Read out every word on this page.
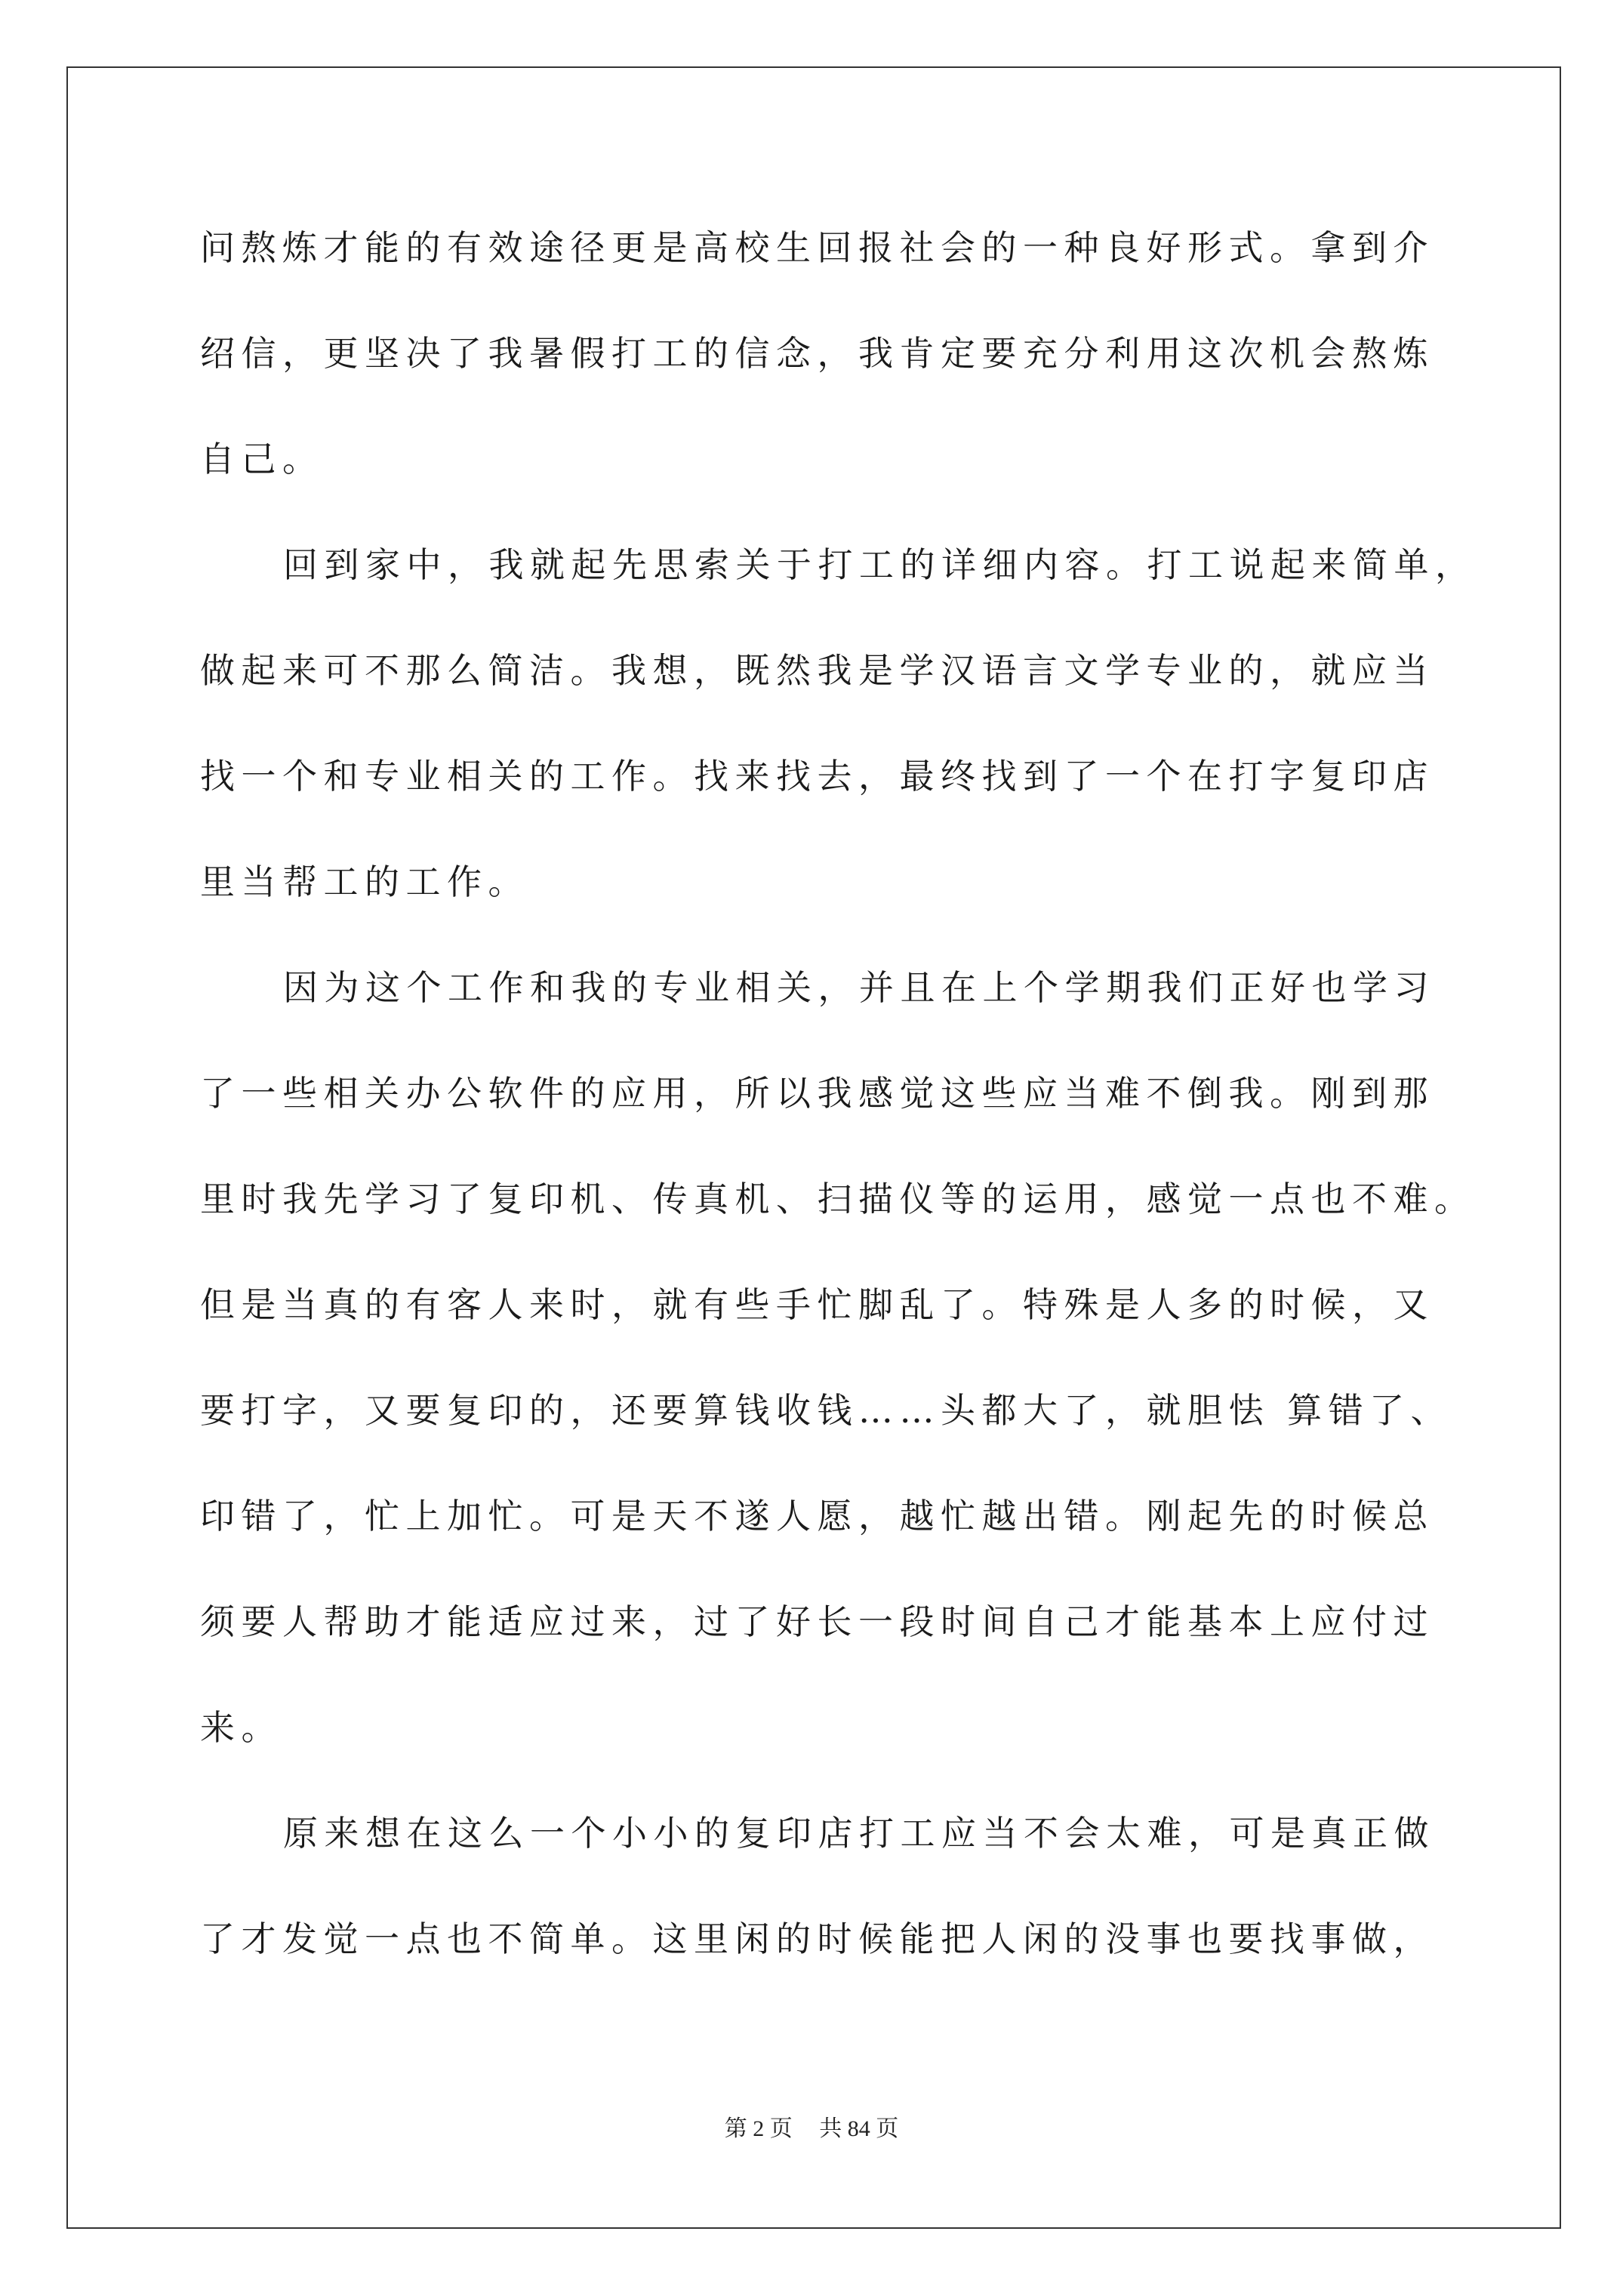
问熬炼才能的有效途径更是高校生回报社会的一种良好形式。拿到介
绍信，更坚决了我暑假打工的信念，我肯定要充分利用这次机会熬炼
自己。
回到家中，我就起先思索关于打工的详细内容。打工说起来简单，
做起来可不那么简洁。我想，既然我是学汉语言文学专业的，就应当
找一个和专业相关的工作。找来找去，最终找到了一个在打字复印店
里当帮工的工作。
因为这个工作和我的专业相关，并且在上个学期我们正好也学习
了一些相关办公软件的应用，所以我感觉这些应当难不倒我。刚到那
里时我先学习了复印机、传真机、扫描仪等的运用，感觉一点也不难。
但是当真的有客人来时，就有些手忙脚乱了。特殊是人多的时候，又
要打字，又要复印的，还要算钱收钱……头都大了，就胆怯 算错了、
印错了，忙上加忙。可是天不遂人愿，越忙越出错。刚起先的时候总
须要人帮助才能适应过来，过了好长一段时间自己才能基本上应付过
来。
原来想在这么一个小小的复印店打工应当不会太难，可是真正做
了才发觉一点也不简单。这里闲的时候能把人闲的没事也要找事做，
第 2 页 共 84 页
